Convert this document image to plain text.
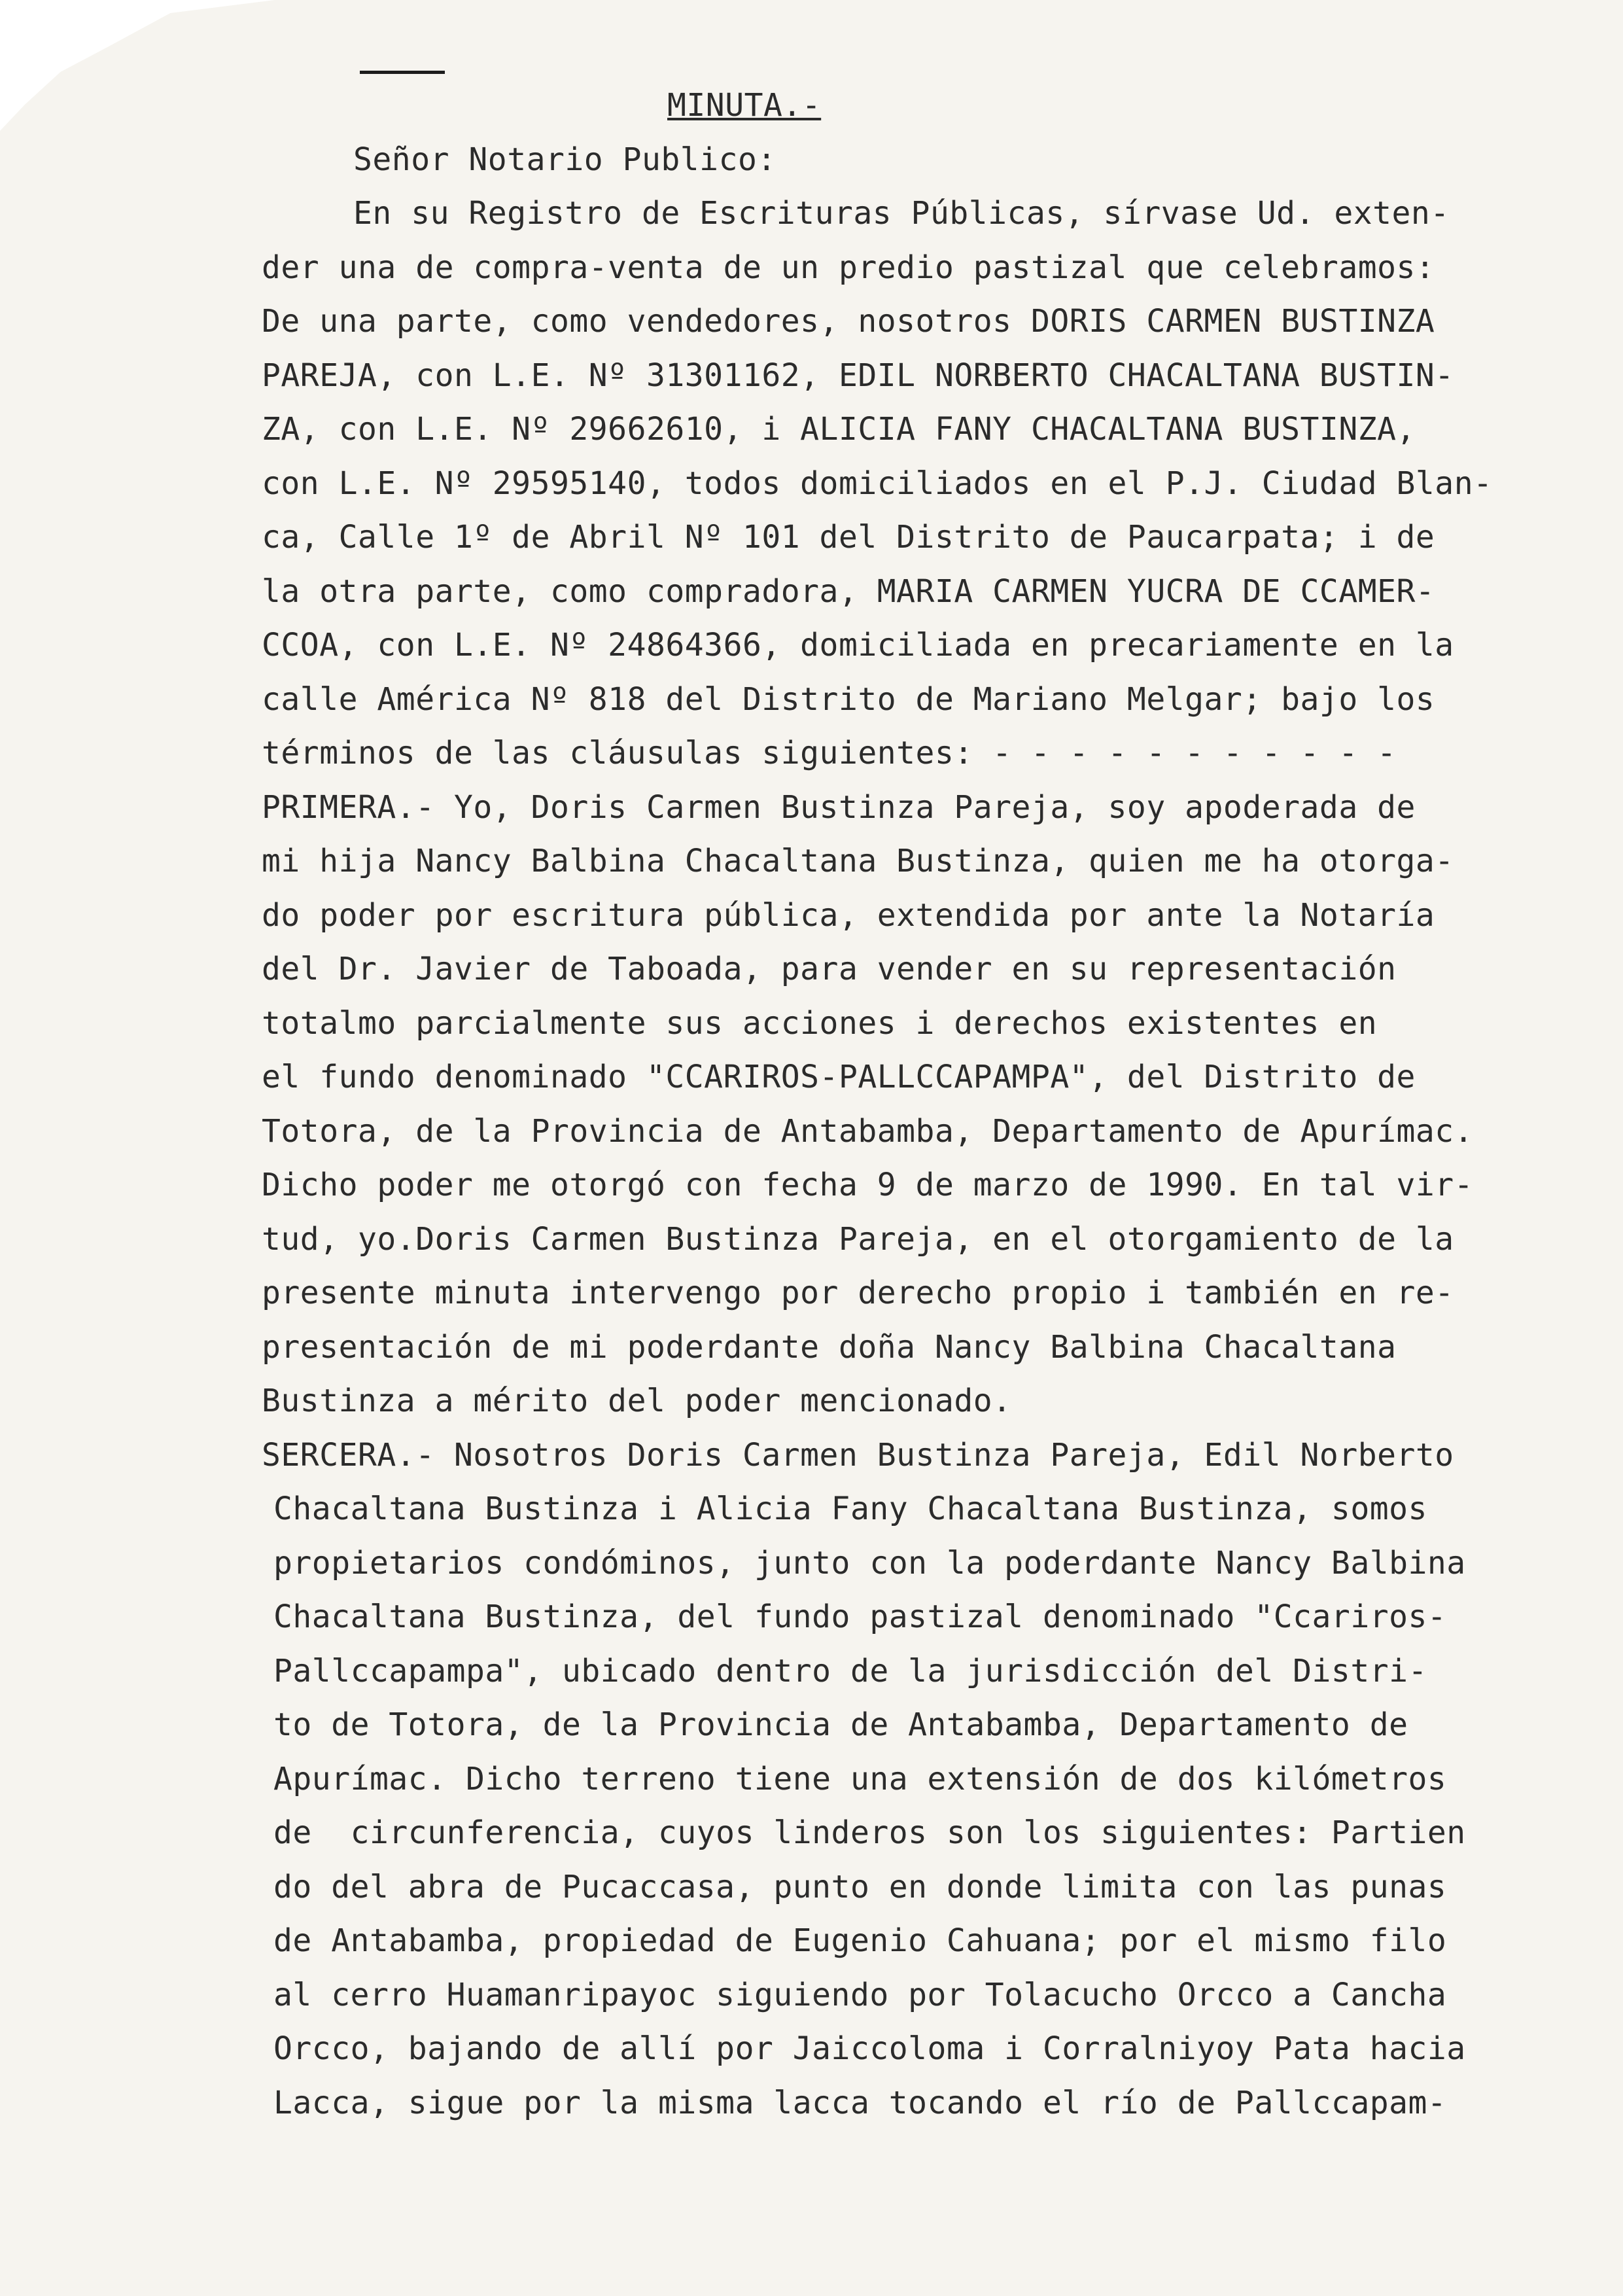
MINUTA.-
Señor Notario Publico:
En su Registro de Escrituras Públicas, sírvase Ud. exten-
der una de compra-venta de un predio pastizal que celebramos:
De una parte, como vendedores, nosotros DORIS CARMEN BUSTINZA
PAREJA, con L.E. Nº 31301162, EDIL NORBERTO CHACALTANA BUSTIN-
ZA, con L.E. Nº 29662610, i ALICIA FANY CHACALTANA BUSTINZA,
con L.E. Nº 29595140, todos domiciliados en el P.J. Ciudad Blan-
ca, Calle 1º de Abril Nº 101 del Distrito de Paucarpata; i de
la otra parte, como compradora, MARIA CARMEN YUCRA DE CCAMER-
CCOA, con L.E. Nº 24864366, domiciliada en precariamente en la
calle América Nº 818 del Distrito de Mariano Melgar; bajo los
términos de las cláusulas siguientes: - - - - - - - - - - -
PRIMERA.- Yo, Doris Carmen Bustinza Pareja, soy apoderada de
mi hija Nancy Balbina Chacaltana Bustinza, quien me ha otorga-
do poder por escritura pública, extendida por ante la Notaría
del Dr. Javier de Taboada, para vender en su representación
totalmo parcialmente sus acciones i derechos existentes en
el fundo denominado "CCARIROS-PALLCCAPAMPA", del Distrito de
Totora, de la Provincia de Antabamba, Departamento de Apurímac.
Dicho poder me otorgó con fecha 9 de marzo de 1990. En tal vir-
tud, yo.Doris Carmen Bustinza Pareja, en el otorgamiento de la
presente minuta intervengo por derecho propio i también en re-
presentación de mi poderdante doña Nancy Balbina Chacaltana
Bustinza a mérito del poder mencionado.
SERCERA.- Nosotros Doris Carmen Bustinza Pareja, Edil Norberto
Chacaltana Bustinza i Alicia Fany Chacaltana Bustinza, somos
propietarios condóminos, junto con la poderdante Nancy Balbina
Chacaltana Bustinza, del fundo pastizal denominado "Ccariros-
Pallccapampa", ubicado dentro de la jurisdicción del Distri-
to de Totora, de la Provincia de Antabamba, Departamento de
Apurímac. Dicho terreno tiene una extensión de dos kilómetros
de  circunferencia, cuyos linderos son los siguientes: Partien
do del abra de Pucaccasa, punto en donde limita con las punas
de Antabamba, propiedad de Eugenio Cahuana; por el mismo filo
al cerro Huamanripayoc siguiendo por Tolacucho Orcco a Cancha
Orcco, bajando de allí por Jaiccoloma i Corralniyoy Pata hacia
Lacca, sigue por la misma lacca tocando el río de Pallccapam-
